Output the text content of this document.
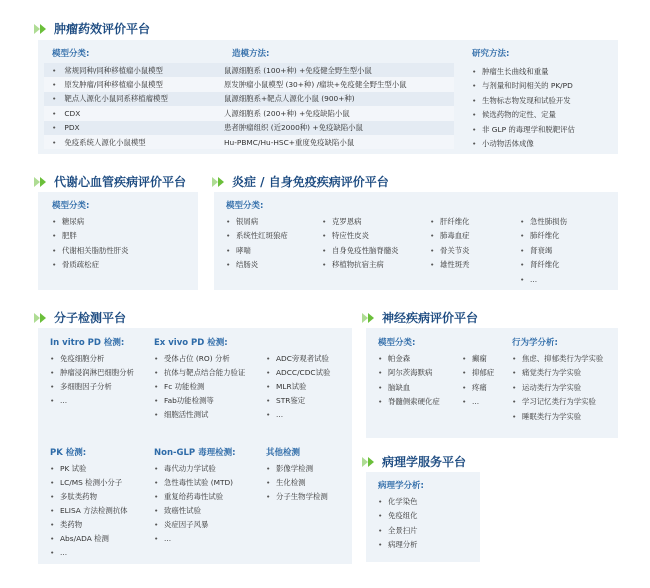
肿瘤药效评价平台
模型分类:	造模方法:	研究方法:
• 常规同种/同种移植瘤小鼠模型	鼠源细胞系 (100+种) +免疫健全野生型小鼠
• 原发肿瘤/同种移植瘤小鼠模型	原发肿瘤小鼠模型 (30+种) /瘤块+免疫健全野生型小鼠
• 靶点人源化小鼠同系移植瘤模型	鼠源细胞系+靶点人源化小鼠 (900+种)
• CDX	人源细胞系 (200+种) +免疫缺陷小鼠
• PDX	患者肿瘤组织 (近2000种) +免疫缺陷小鼠
• 免疫系统人源化小鼠模型	Hu-PBMC/Hu-HSC+重度免疫缺陷小鼠
• 肿瘤生长曲线和重量
• 与剂量和时间相关的 PK/PD
• 生物标志物发现和试验开发
• 候选药物的定性、定量
• 非 GLP 的毒理学和脱靶评估
• 小动物活体成像
代谢心血管疾病评价平台
模型分类:
• 糖尿病
• 肥胖
• 代谢相关脂肪性肝炎
• 骨质疏松症
炎症 / 自身免疫疾病评价平台
模型分类:
• 银屑病
• 系统性红斑狼疮
• 哮喘
• 结肠炎
• 克罗恩病
• 特应性皮炎
• 自身免疫性脑脊髓炎
• 移植物抗宿主病
• 肝纤维化
• 肺毒血症
• 骨关节炎
• 雄性斑秃
• 急性肺损伤
• 肺纤维化
• 肾衰竭
• 肾纤维化
• ...
分子检测平台
In vitro PD 检测:
• 免疫细胞分析
• 肿瘤浸润淋巴细胞分析
• 多细胞因子分析
• ...
Ex vivo PD 检测:
• 受体占位 (RO) 分析
• 抗体与靶点结合能力验证
• Fc 功能检测
• Fab功能检测等
• 细胞活性测试
• ADC旁观者试验
• ADCC/CDC试验
• MLR试验
• STR鉴定
• ...
PK 检测:
• PK 试验
• LC/MS 检测小分子
• 多肽类药物
• ELISA 方法检测抗体
• 类药物
• Abs/ADA 检测
• ...
Non-GLP 毒理检测:
• 毒代动力学试验
• 急性毒性试验 (MTD)
• 重复给药毒性试验
• 致癌性试验
• 炎症因子风暴
• ...
其他检测
• 影像学检测
• 生化检测
• 分子生物学检测
神经疾病评价平台
模型分类:
• 帕金森
• 阿尔茨海默病
• 脑缺血
• 脊髓侧索硬化症
• 癫痫
• 抑郁症
• 疼痛
• ...
行为学分析:
• 焦虑、抑郁类行为学实验
• 痛觉类行为学实验
• 运动类行为学实验
• 学习记忆类行为学实验
• 睡眠类行为学实验
病理学服务平台
病理学分析:
• 化学染色
• 免疫组化
• 全景扫片
• 病理分析
